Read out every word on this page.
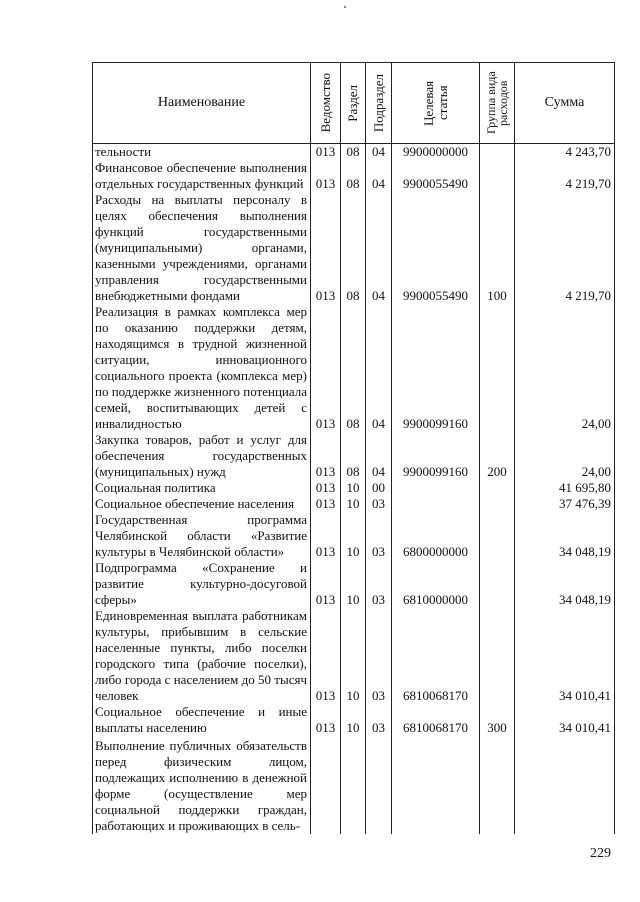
Наименование	Ведомство	Раздел	Подраздел	Целевая статья	Группа вида расходов	Сумма
тельности	013	08	04	9900000000		4 243,70
Финансовое обеспечение выполнения отдельных государственных функций	013	08	04	9900055490		4 219,70
Расходы на выплаты персоналу в целях обеспечения выполнения функций государственными (муниципальными) органами, казенными учреждениями, органами управления государственными внебюджетными фондами	013	08	04	9900055490	100	4 219,70
Реализация в рамках комплекса мер по оказанию поддержки детям, находящимся в трудной жизненной ситуации, инновационного социального проекта (комплекса мер) по поддержке жизненного потенциала семей, воспитывающих детей с инвалидностью	013	08	04	9900099160		24,00
Закупка товаров, работ и услуг для обеспечения государственных (муниципальных) нужд	013	08	04	9900099160	200	24,00
Социальная политика	013	10	00			41 695,80
Социальное обеспечение населения	013	10	03			37 476,39
Государственная программа Челябинской области «Развитие культуры в Челябинской области»	013	10	03	6800000000		34 048,19
Подпрограмма «Сохранение и развитие культурно-досуговой сферы»	013	10	03	6810000000		34 048,19
Единовременная выплата работникам культуры, прибывшим в сельские населенные пункты, либо поселки городского типа (рабочие поселки), либо города с населением до 50 тысяч человек	013	10	03	6810068170		34 010,41
Социальное обеспечение и иные выплаты населению	013	10	03	6810068170	300	34 010,41
Выполнение публичных обязательств перед физическим лицом, подлежащих исполнению в денежной форме (осуществление мер социальной поддержки граждан, работающих и проживающих в сель-						
229
